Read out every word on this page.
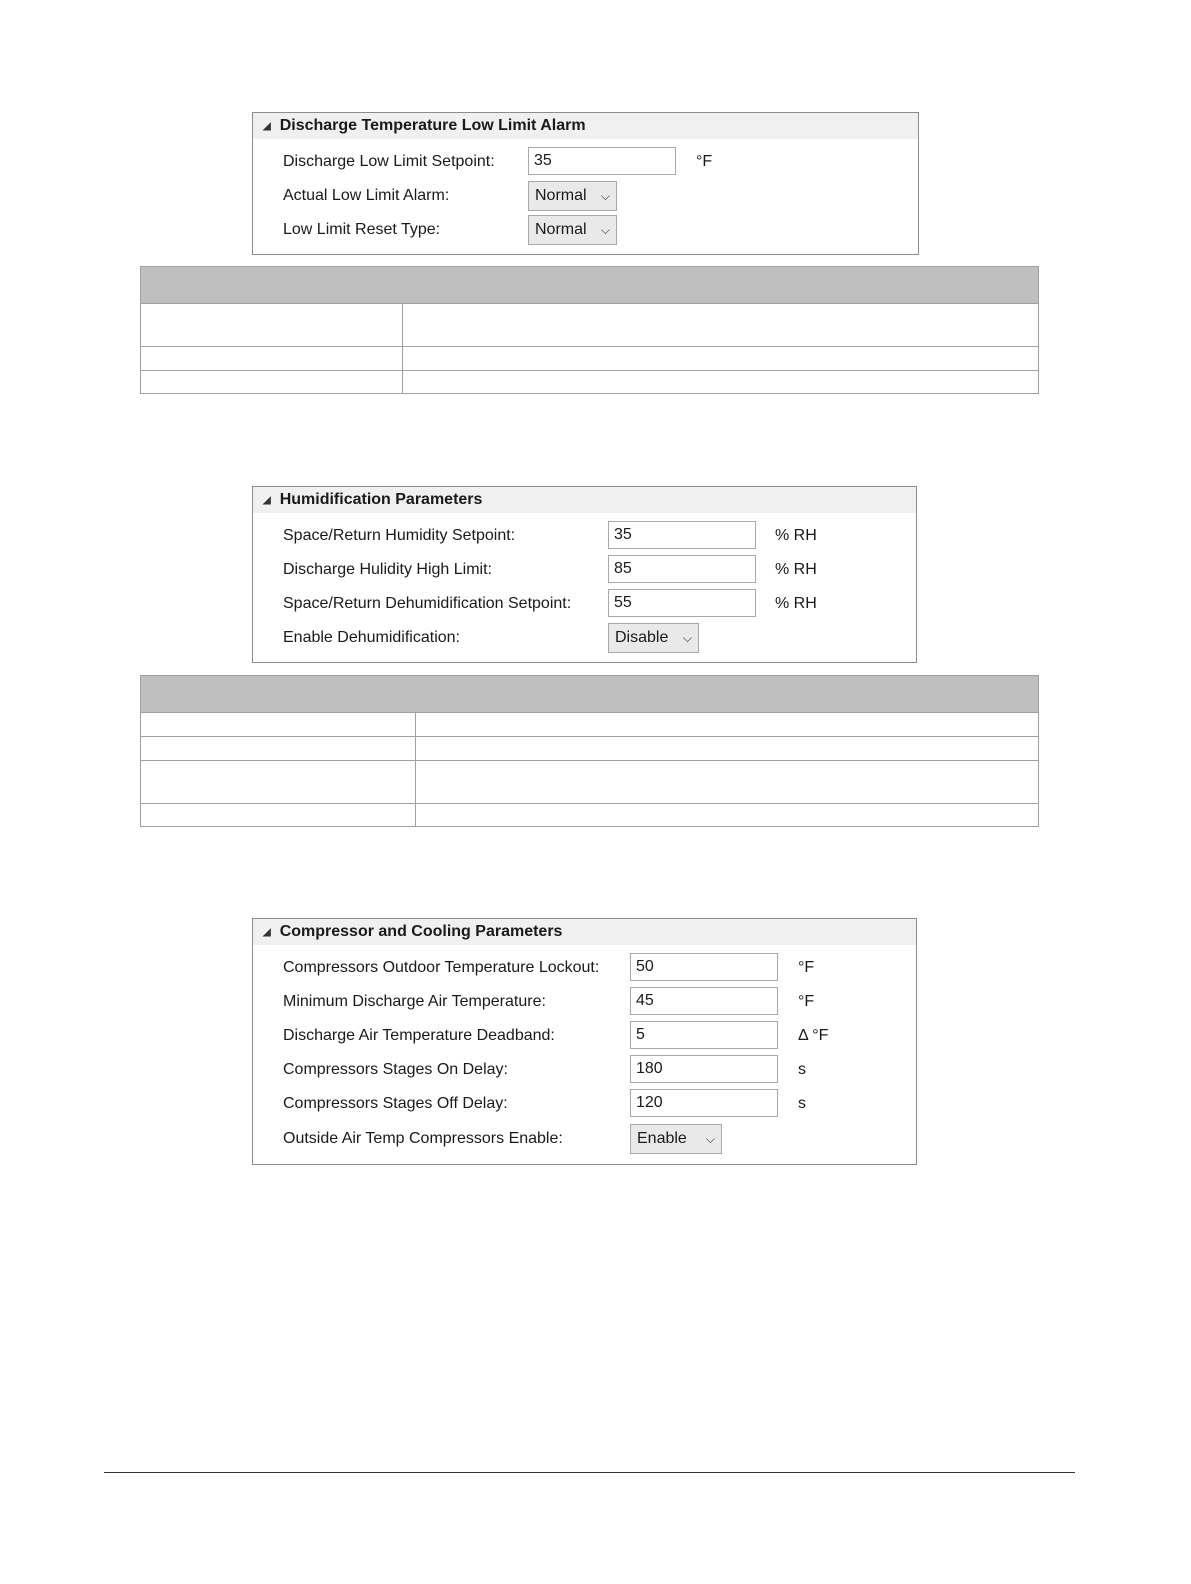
◢ Discharge Temperature Low Limit Alarm
Discharge Low Limit Setpoint:
35	°F
Actual Low Limit Alarm:	Normal ⌵
Low Limit Reset Type:	Normal ⌵
◢ Humidification Parameters
Space/Return Humidity Setpoint:
35	% RH
Discharge Hulidity High Limit:
85	% RH
Space/Return Dehumidification Setpoint:
55	% RH
Enable Dehumidification:	Disable ⌵
◢ Compressor and Cooling Parameters
Compressors Outdoor Temperature Lockout:
50	°F
Minimum Discharge Air Temperature:
45	°F
Discharge Air Temperature Deadband:
5	Δ °F
Compressors Stages On Delay:
180	s
Compressors Stages Off Delay:
120	s
Outside Air Temp Compressors Enable:	Enable ⌵
